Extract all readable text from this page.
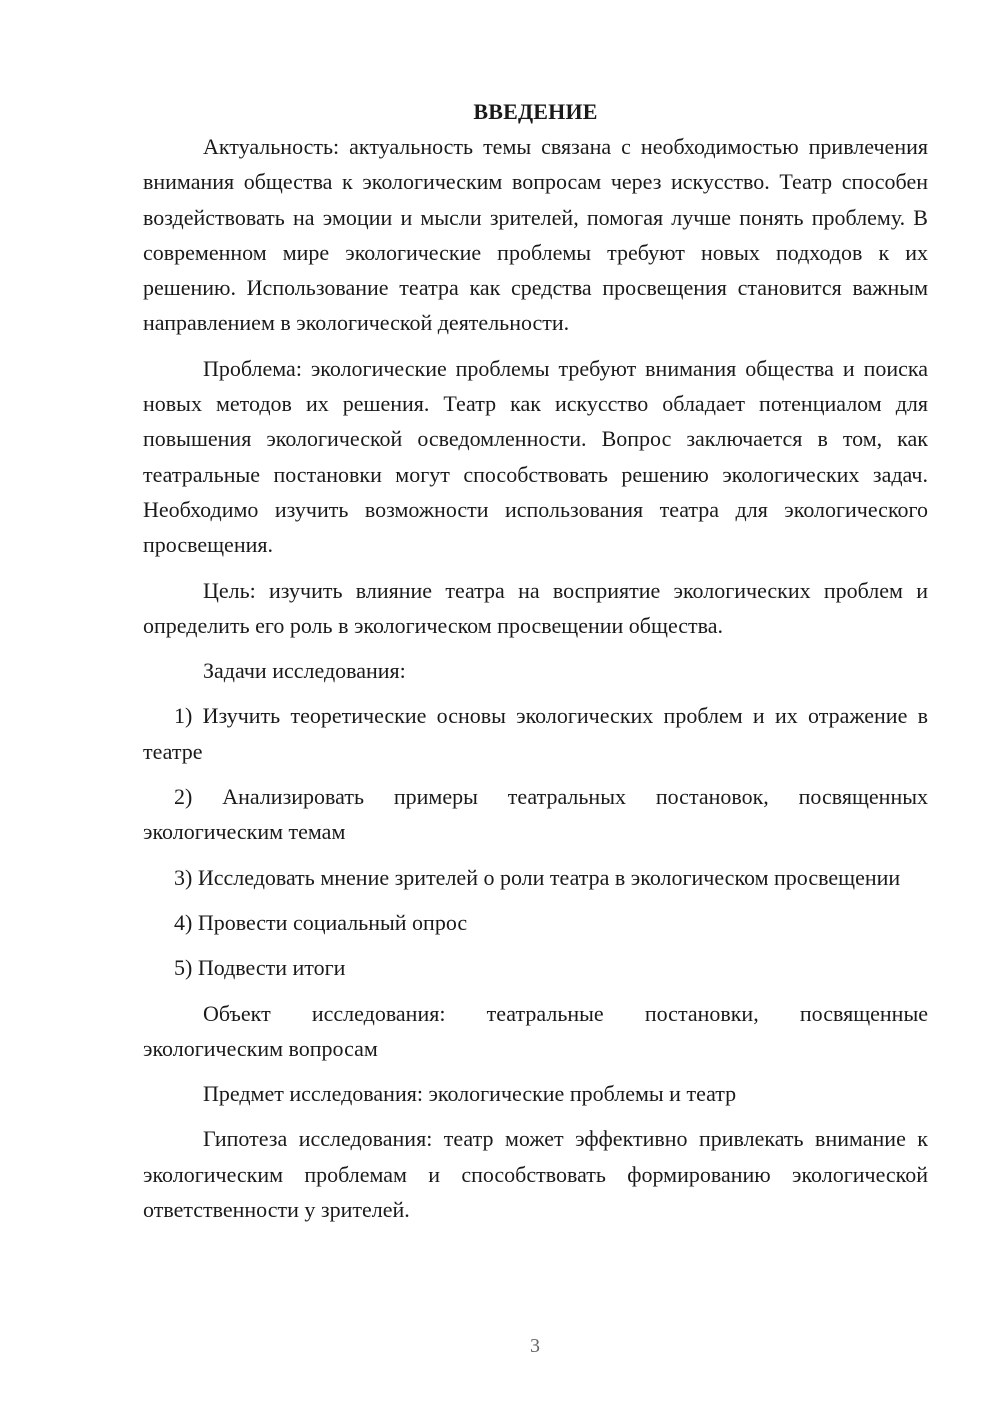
ВВЕДЕНИЕ

Актуальность: актуальность темы связана с необходимостью привлечения внимания общества к экологическим вопросам через искусство. Театр способен воздействовать на эмоции и мысли зрителей, помогая лучше понять проблему. В современном мире экологические проблемы требуют новых подходов к их решению. Использование театра как средства просвещения становится важным направлением в экологической деятельности.

Проблема: экологические проблемы требуют внимания общества и поиска новых методов их решения. Театр как искусство обладает потенциалом для повышения экологической осведомленности. Вопрос заключается в том, как театральные постановки могут способствовать решению экологических задач. Необходимо изучить возможности использования театра для экологического просвещения.

Цель: изучить влияние театра на восприятие экологических проблем и определить его роль в экологическом просвещении общества.

Задачи исследования:

1) Изучить теоретические основы экологических проблем и их отражение в театре

2) Анализировать примеры театральных постановок, посвященных экологическим темам

3) Исследовать мнение зрителей о роли театра в экологическом просвещении

4) Провести социальный опрос

5) Подвести итоги

Объект исследования: театральные постановки, посвященные экологическим вопросам

Предмет исследования: экологические проблемы и театр

Гипотеза исследования: театр может эффективно привлекать внимание к экологическим проблемам и способствовать формированию экологической ответственности у зрителей.

3
